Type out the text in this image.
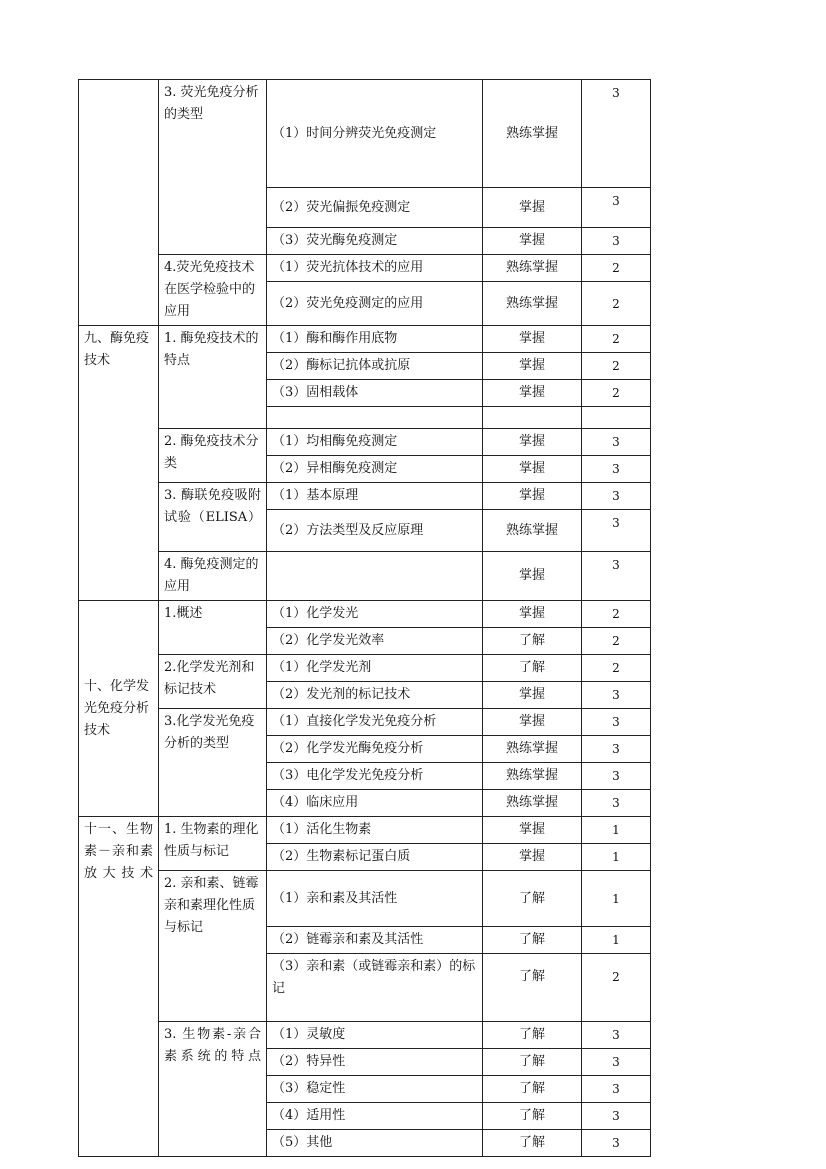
	3. 荧光免疫分析的类型	（1）时间分辨荧光免疫测定	熟练掌握	3
		（2）荧光偏振免疫测定	掌握	3
		（3）荧光酶免疫测定	掌握	3
	4.荧光免疫技术在医学检验中的应用	（1）荧光抗体技术的应用	熟练掌握	2
		（2）荧光免疫测定的应用	熟练掌握	2
九、酶免疫技术	1. 酶免疫技术的特点	（1）酶和酶作用底物	掌握	2
		（2）酶标记抗体或抗原	掌握	2
		（3）固相载体	掌握	2

	2. 酶免疫技术分类	（1）均相酶免疫测定	掌握	3
		（2）异相酶免疫测定	掌握	3
	3. 酶联免疫吸附试验（ELISA）	（1）基本原理	掌握	3
		（2）方法类型及反应原理	熟练掌握	3
	4. 酶免疫测定的应用		掌握	3
十、化学发光免疫分析技术	1.概述	（1）化学发光	掌握	2
		（2）化学发光效率	了解	2
	2.化学发光剂和标记技术	（1）化学发光剂	了解	2
		（2）发光剂的标记技术	掌握	3
	3.化学发光免疫分析的类型	（1）直接化学发光免疫分析	掌握	3
		（2）化学发光酶免疫分析	熟练掌握	3
		（3）电化学发光免疫分析	熟练掌握	3
		（4）临床应用	熟练掌握	3
十一、生物素－亲和素放大技术	1. 生物素的理化性质与标记	（1）活化生物素	掌握	1
		（2）生物素标记蛋白质	掌握	1
	2. 亲和素、链霉亲和素理化性质与标记	（1）亲和素及其活性	了解	1
		（2）链霉亲和素及其活性	了解	1
		（3）亲和素（或链霉亲和素）的标记	了解	2
	3. 生物素-亲合素系统的特点	（1）灵敏度	了解	3
		（2）特异性	了解	3
		（3）稳定性	了解	3
		（4）适用性	了解	3
		（5）其他	了解	3
